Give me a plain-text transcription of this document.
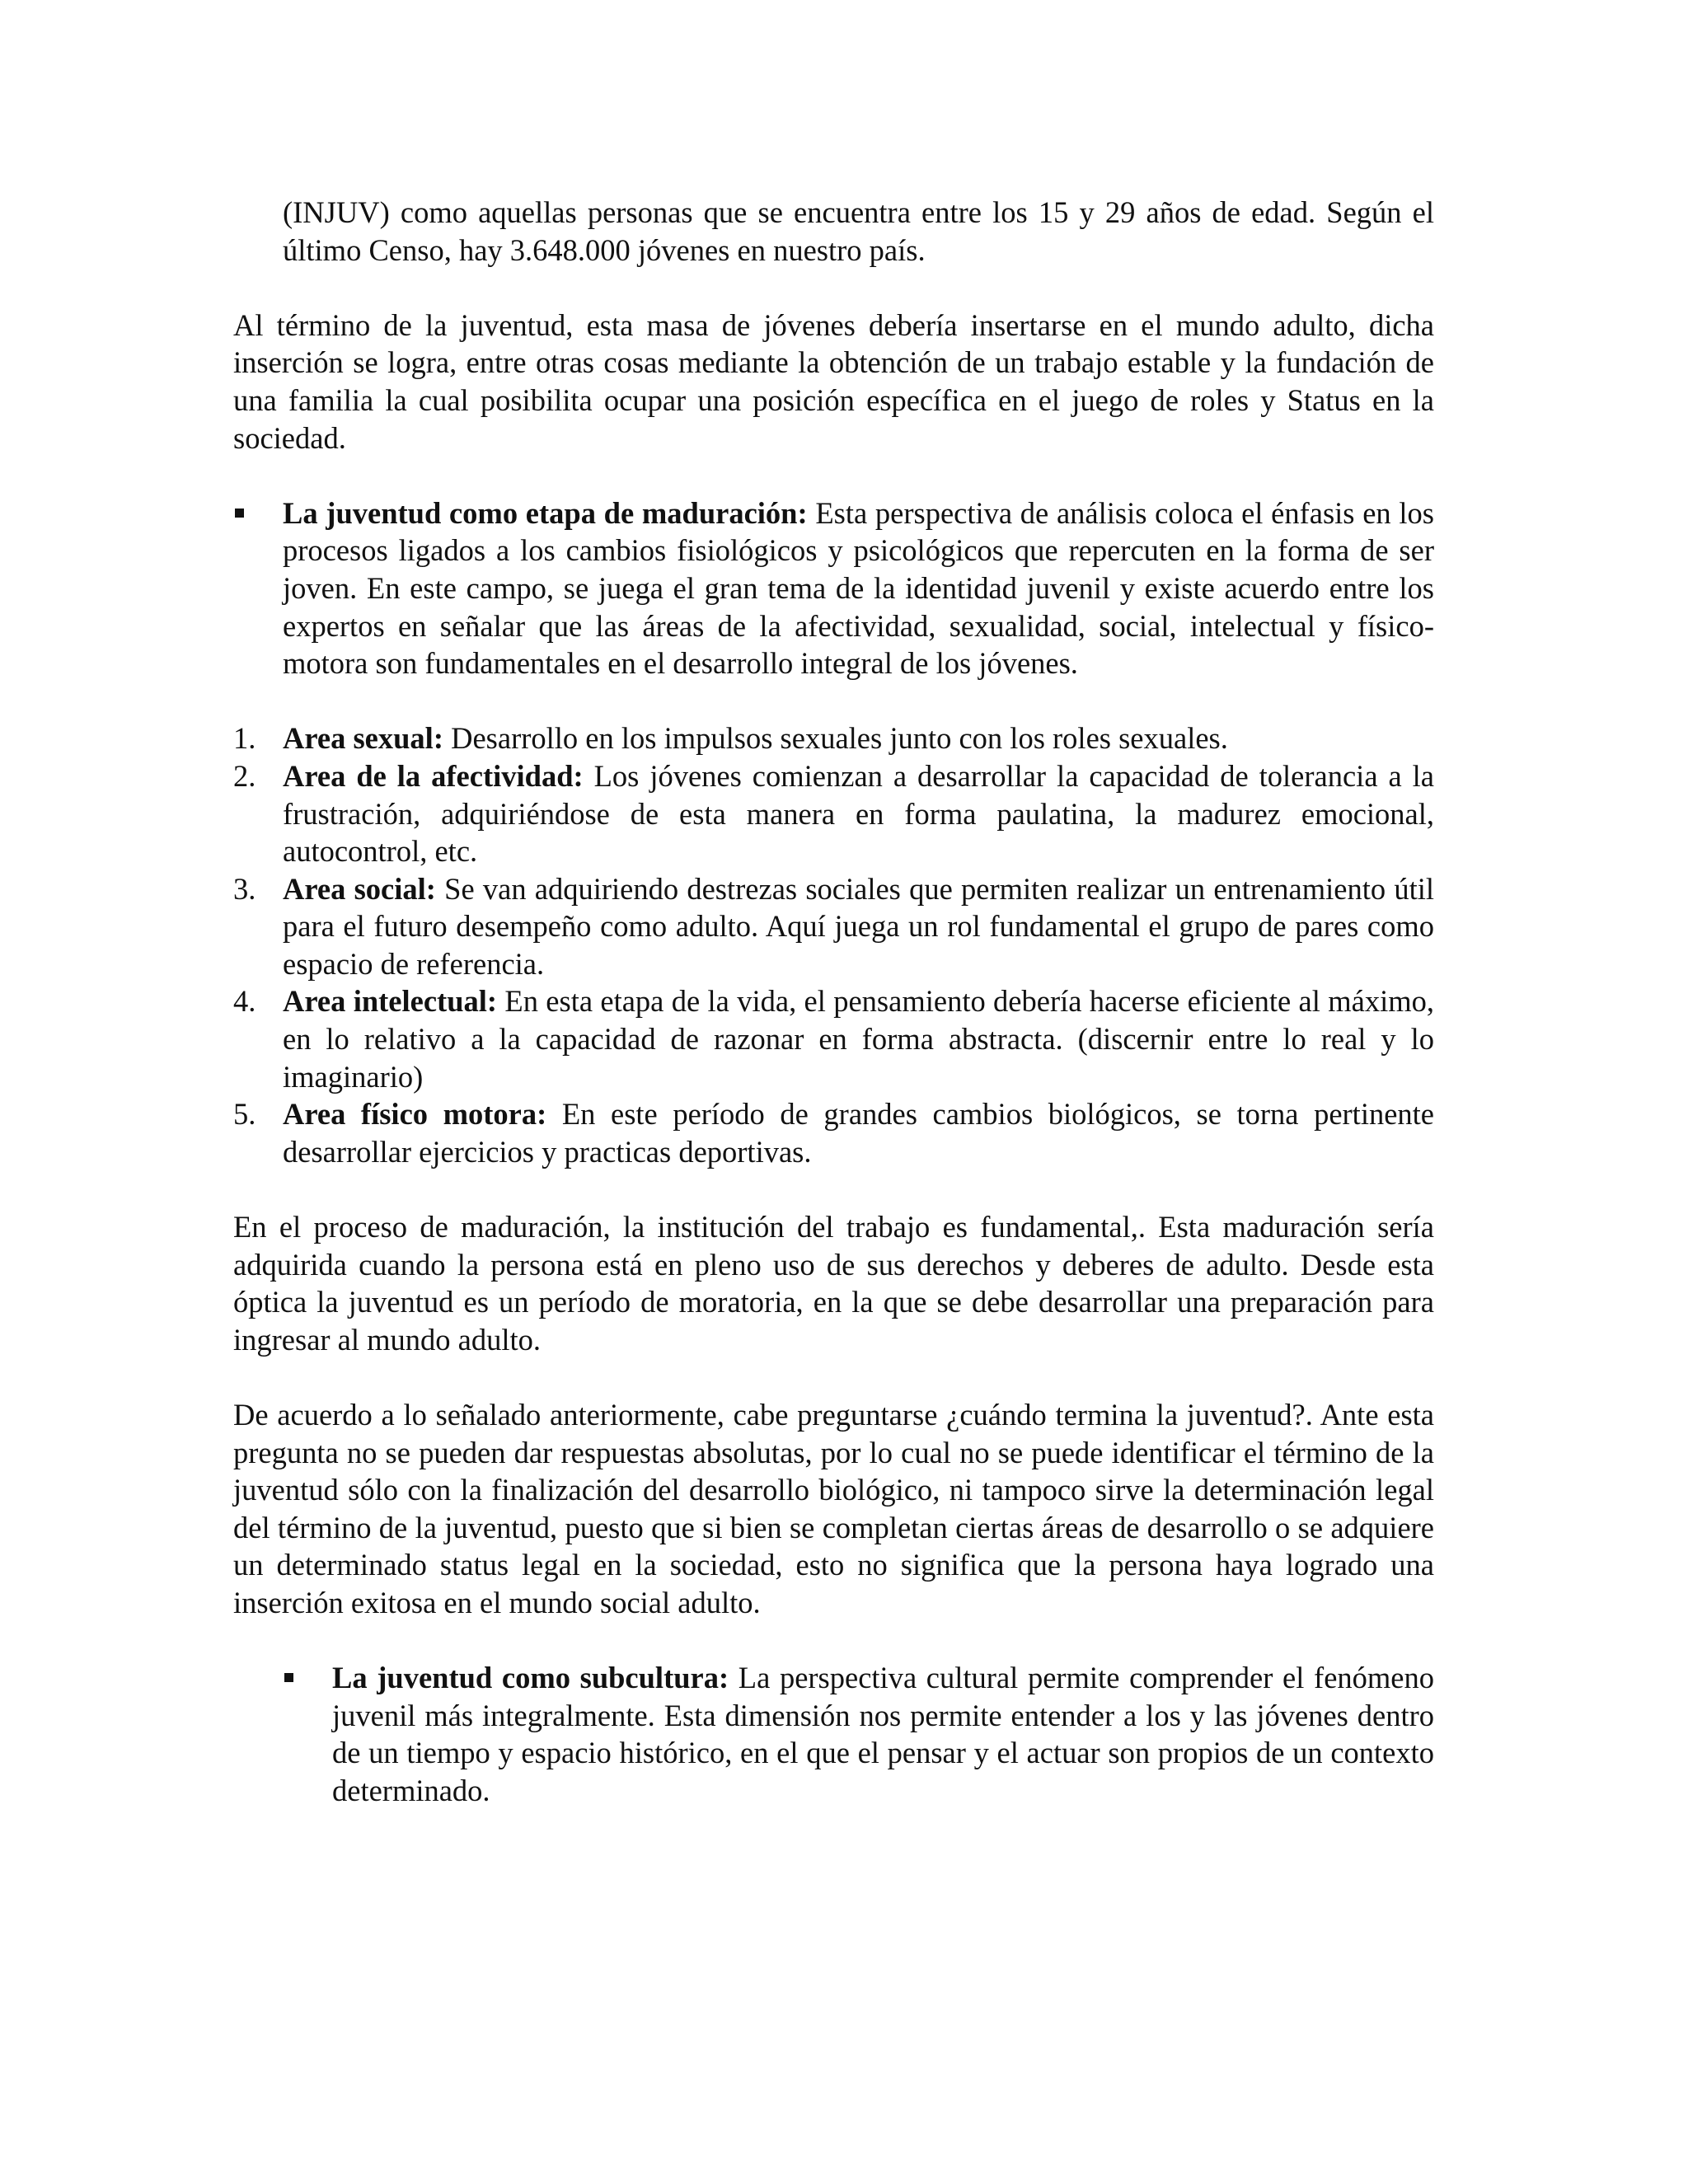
(INJUV) como aquellas personas que se encuentra entre los 15 y 29 años de edad. Según el último Censo, hay 3.648.000 jóvenes en nuestro país.

Al término de la juventud, esta masa de jóvenes debería insertarse en el mundo adulto, dicha inserción se logra, entre otras cosas mediante la obtención de un trabajo estable y la fundación de una familia la cual posibilita ocupar una posición específica en el juego de roles y Status en la sociedad.

La juventud como etapa de maduración: Esta perspectiva de análisis coloca el énfasis en los procesos ligados a los cambios fisiológicos y psicológicos que repercuten en la forma de ser joven. En este campo, se juega el gran tema de la identidad juvenil y existe acuerdo entre los expertos en señalar que las áreas de la afectividad, sexualidad, social, intelectual y físico-motora son fundamentales en el desarrollo integral de los jóvenes.
1. Area sexual: Desarrollo en los impulsos sexuales junto con los roles sexuales.
2. Area de la afectividad: Los jóvenes comienzan a desarrollar la capacidad de tolerancia a la frustración, adquiriéndose de esta manera en forma paulatina, la madurez emocional, autocontrol, etc.
3. Area social: Se van adquiriendo destrezas sociales que permiten realizar un entrenamiento útil para el futuro desempeño como adulto. Aquí juega un rol fundamental el grupo de pares como espacio de referencia.
4. Area intelectual: En esta etapa de la vida, el pensamiento debería hacerse eficiente al máximo, en lo relativo a la capacidad de razonar en forma abstracta. (discernir entre lo real y lo imaginario)
5. Area físico motora: En este período de grandes cambios biológicos, se torna pertinente desarrollar ejercicios y practicas deportivas.

En el proceso de maduración, la institución del trabajo es fundamental,. Esta maduración sería adquirida cuando la persona está en pleno uso de sus derechos y deberes de adulto. Desde esta óptica la juventud es un período de moratoria, en la que se debe desarrollar una preparación para ingresar al mundo adulto.

De acuerdo a lo señalado anteriormente, cabe preguntarse ¿cuándo termina la juventud?. Ante esta pregunta no se pueden dar respuestas absolutas, por lo cual no se puede identificar el término de la juventud sólo con la finalización del desarrollo biológico, ni tampoco sirve la determinación legal del término de la juventud, puesto que si bien se completan ciertas áreas de desarrollo o se adquiere un determinado status legal en la sociedad, esto no significa que la persona haya logrado una inserción exitosa en el mundo social adulto.

La juventud como subcultura: La perspectiva cultural permite comprender el fenómeno juvenil más integralmente. Esta dimensión nos permite entender a los y las jóvenes dentro de un tiempo y espacio histórico, en el que el pensar y el actuar son propios de un contexto determinado.
